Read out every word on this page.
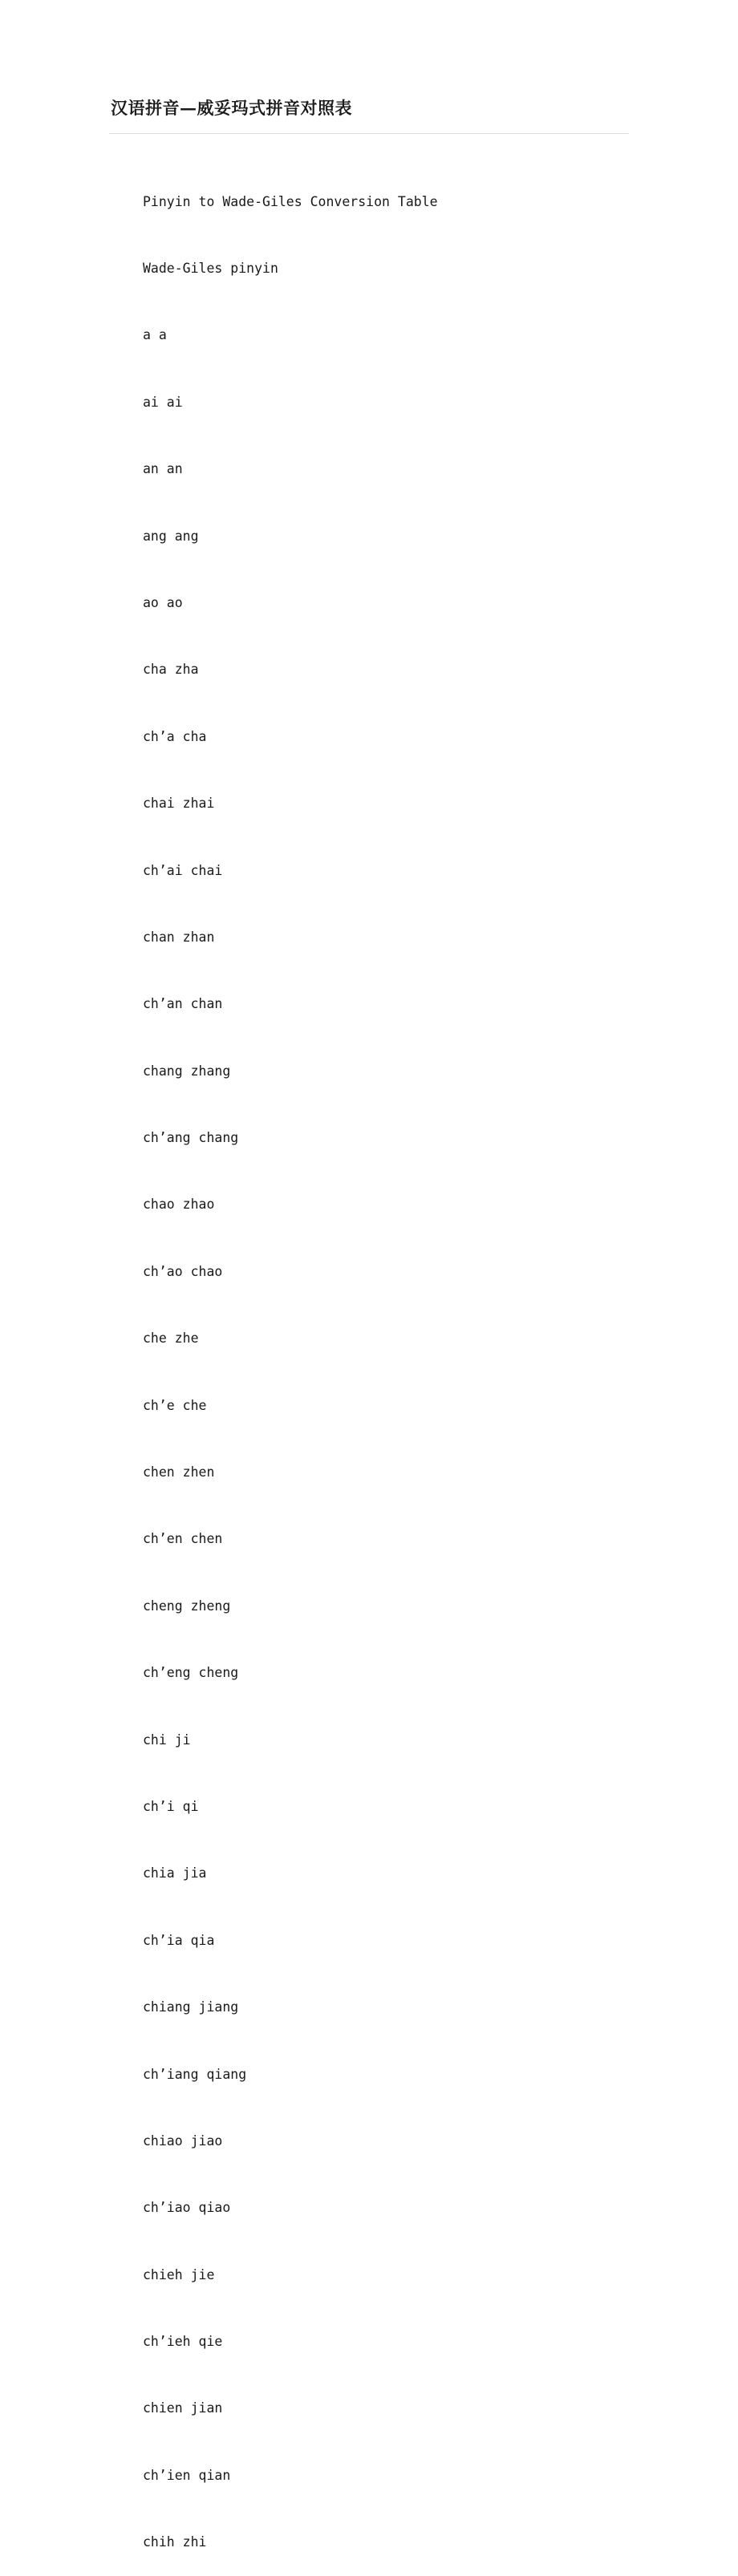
汉语拼音—威妥玛式拼音对照表

Pinyin to Wade-Giles Conversion Table

Wade-Giles pinyin

a a

ai ai

an an

ang ang

ao ao

cha zha

ch’a cha

chai zhai

ch’ai chai

chan zhan

ch’an chan

chang zhang

ch’ang chang

chao zhao

ch’ao chao

che zhe

ch’e che

chen zhen

ch’en chen

cheng zheng

ch’eng cheng

chi ji

ch’i qi

chia jia

ch’ia qia

chiang jiang

ch’iang qiang

chiao jiao

ch’iao qiao

chieh jie

ch’ieh qie

chien jian

ch’ien qian

chih zhi
